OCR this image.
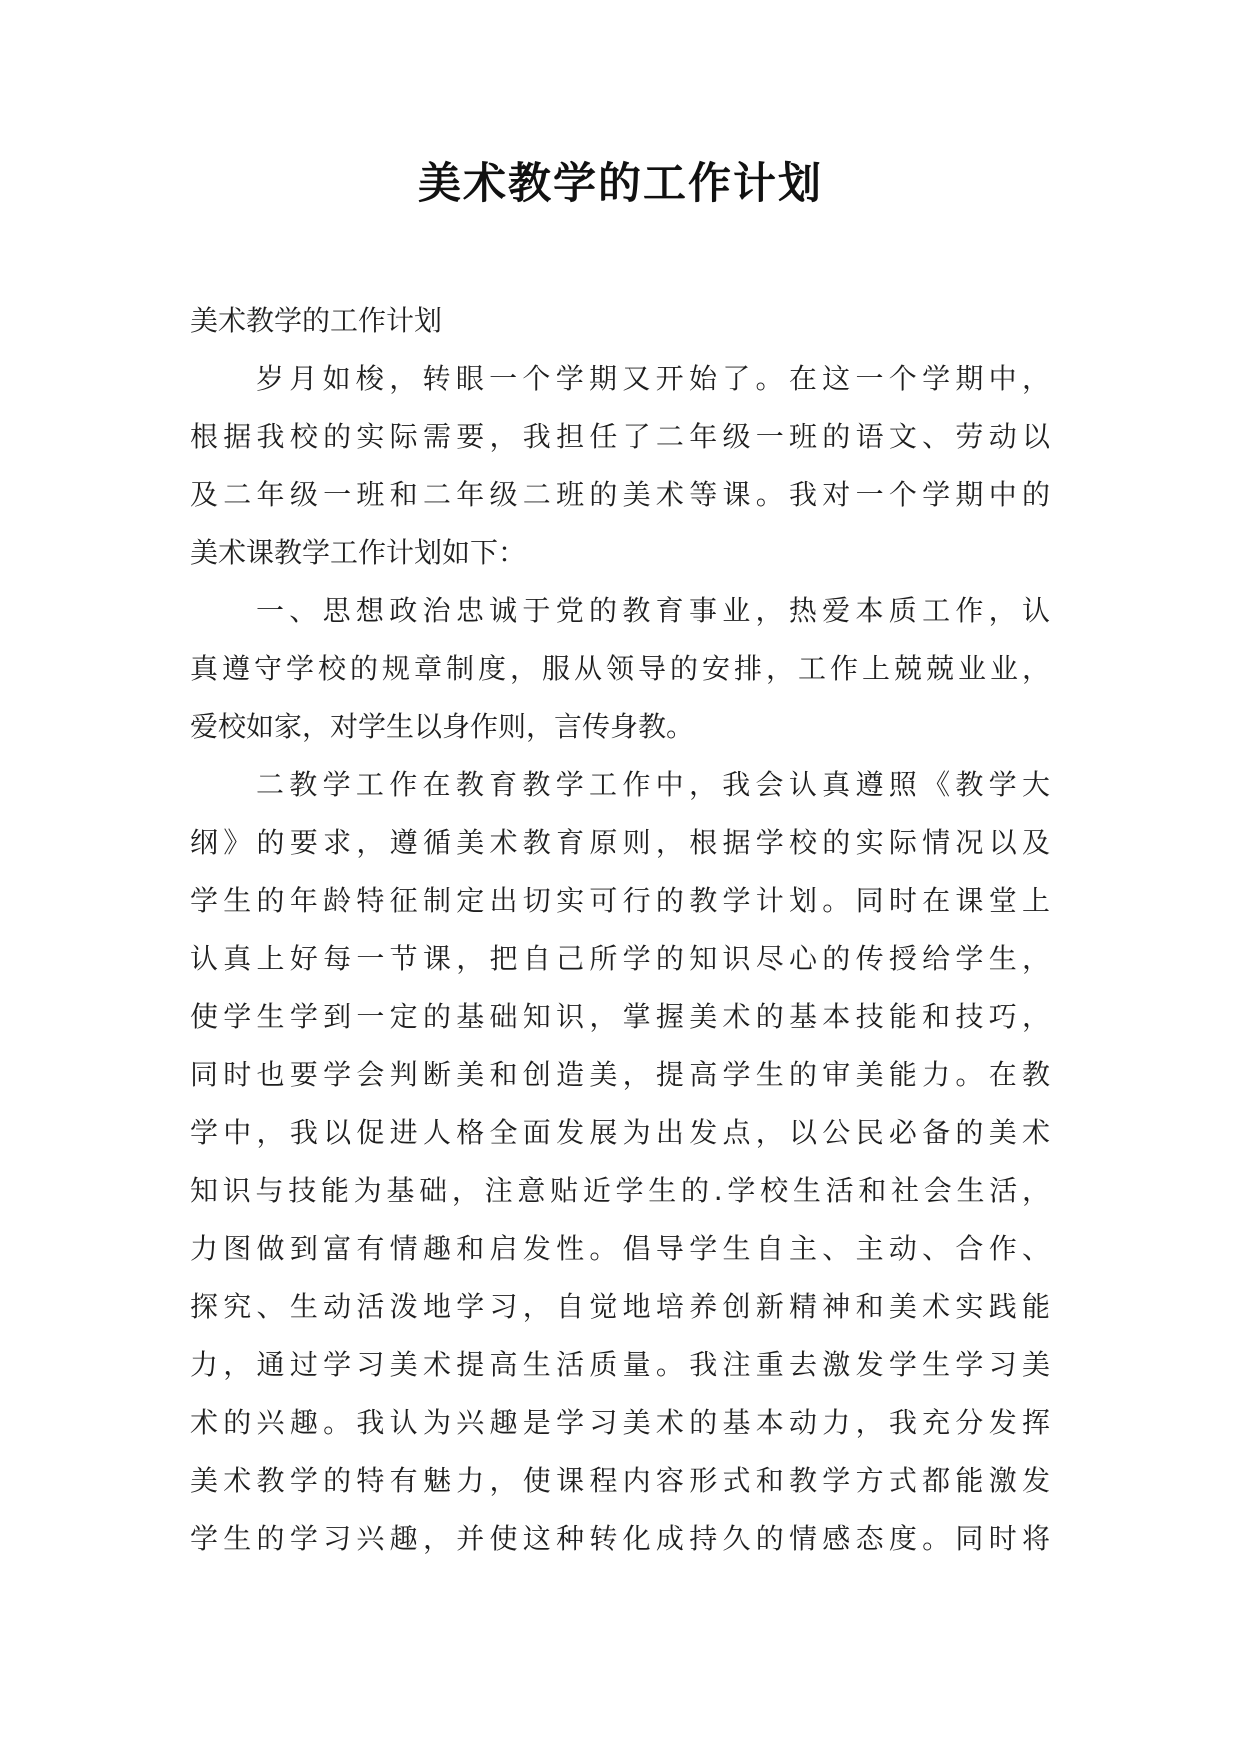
美术教学的工作计划
美术教学的工作计划
岁月如梭，转眼一个学期又开始了。在这一个学期中，
根据我校的实际需要，我担任了二年级一班的语文、劳动以
及二年级一班和二年级二班的美术等课。我对一个学期中的
美术课教学工作计划如下：
一、思想政治忠诚于党的教育事业，热爱本质工作，认
真遵守学校的规章制度，服从领导的安排，工作上兢兢业业，
爱校如家，对学生以身作则，言传身教。
二教学工作在教育教学工作中，我会认真遵照《教学大
纲》的要求，遵循美术教育原则，根据学校的实际情况以及
学生的年龄特征制定出切实可行的教学计划。同时在课堂上
认真上好每一节课，把自己所学的知识尽心的传授给学生，
使学生学到一定的基础知识，掌握美术的基本技能和技巧，
同时也要学会判断美和创造美，提高学生的审美能力。在教
学中，我以促进人格全面发展为出发点，以公民必备的美术
知识与技能为基础，注意贴近学生的.学校生活和社会生活，
力图做到富有情趣和启发性。倡导学生自主、主动、合作、
探究、生动活泼地学习，自觉地培养创新精神和美术实践能
力，通过学习美术提高生活质量。我注重去激发学生学习美
术的兴趣。我认为兴趣是学习美术的基本动力，我充分发挥
美术教学的特有魅力，使课程内容形式和教学方式都能激发
学生的学习兴趣，并使这种转化成持久的情感态度。同时将
